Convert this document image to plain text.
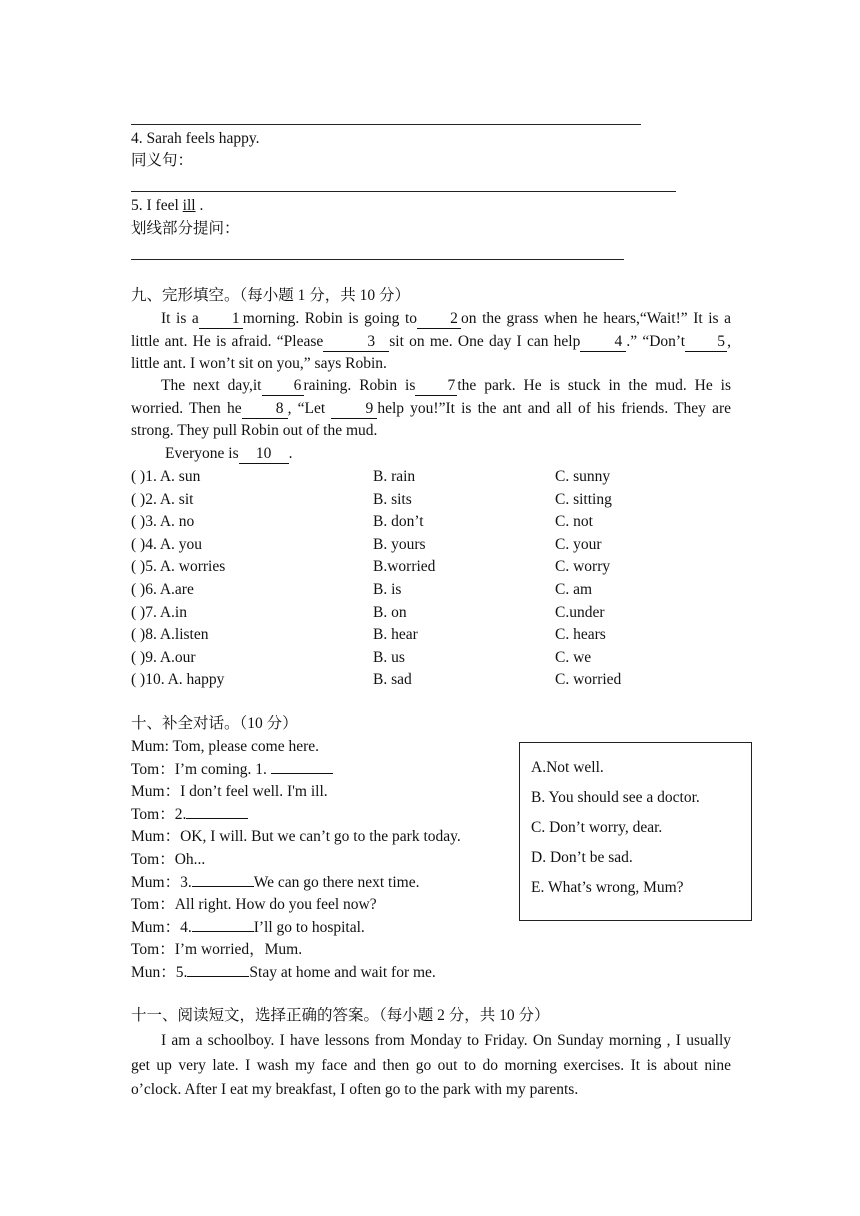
4. Sarah feels happy.
同义句：
5. I feel ill .
划线部分提问：
九、完形填空。（每小题 1 分，共 10 分）
It is a 1 morning. Robin is going to 2 on the grass when he hears,“Wait!” It is a little ant. He is afraid. “Please	3 sit on me. One day I can help 4 .” “Don’t 5 , little ant. I won’t sit on you,” says Robin.
The next day,it 6 raining. Robin is 7 the park. He is stuck in the mud. He is worried. Then he 8 , “Let 9 help you!”It is the ant and all of his friends. They are strong. They pull Robin out of the mud.
Everyone is 10 .
( )1. A. sun	B. rain	C. sunny
( )2. A. sit	B. sits	C. sitting
( )3. A. no	B. don’t	C. not
( )4. A. you	B. yours	C. your
( )5. A. worries	B.worried	C. worry
( )6. A.are	B. is	C. am
( )7. A.in	B. on	C.under
( )8. A.listen	B. hear	C. hears
( )9. A.our	B. us	C. we
( )10. A. happy	B. sad	C. worried
十、补全对话。（10 分）
Mum: Tom, please come here.
Tom：I’m coming. 1.
Mum：I don’t feel well. I'm ill.
Tom：2.
Mum：OK, I will. But we can’t go to the park today.
Tom：Oh...
Mum：3.	We can go there next time.
Tom：All right. How do you feel now?
Mum：4.	I’ll go to hospital.
Tom：I’m worried，Mum.
Mun：5.	Stay at home and wait for me.
十一、阅读短文，选择正确的答案。（每小题 2 分，共 10 分）
I am a schoolboy. I have lessons from Monday to Friday. On Sunday morning , I usually get up very late. I wash my face and then go out to do morning exercises. It is about nine o’clock. After I eat my breakfast, I often go to the park with my parents.
A.Not well.
B. You should see a doctor.
C. Don’t worry, dear.
D. Don’t be sad.
E. What’s wrong, Mum?
